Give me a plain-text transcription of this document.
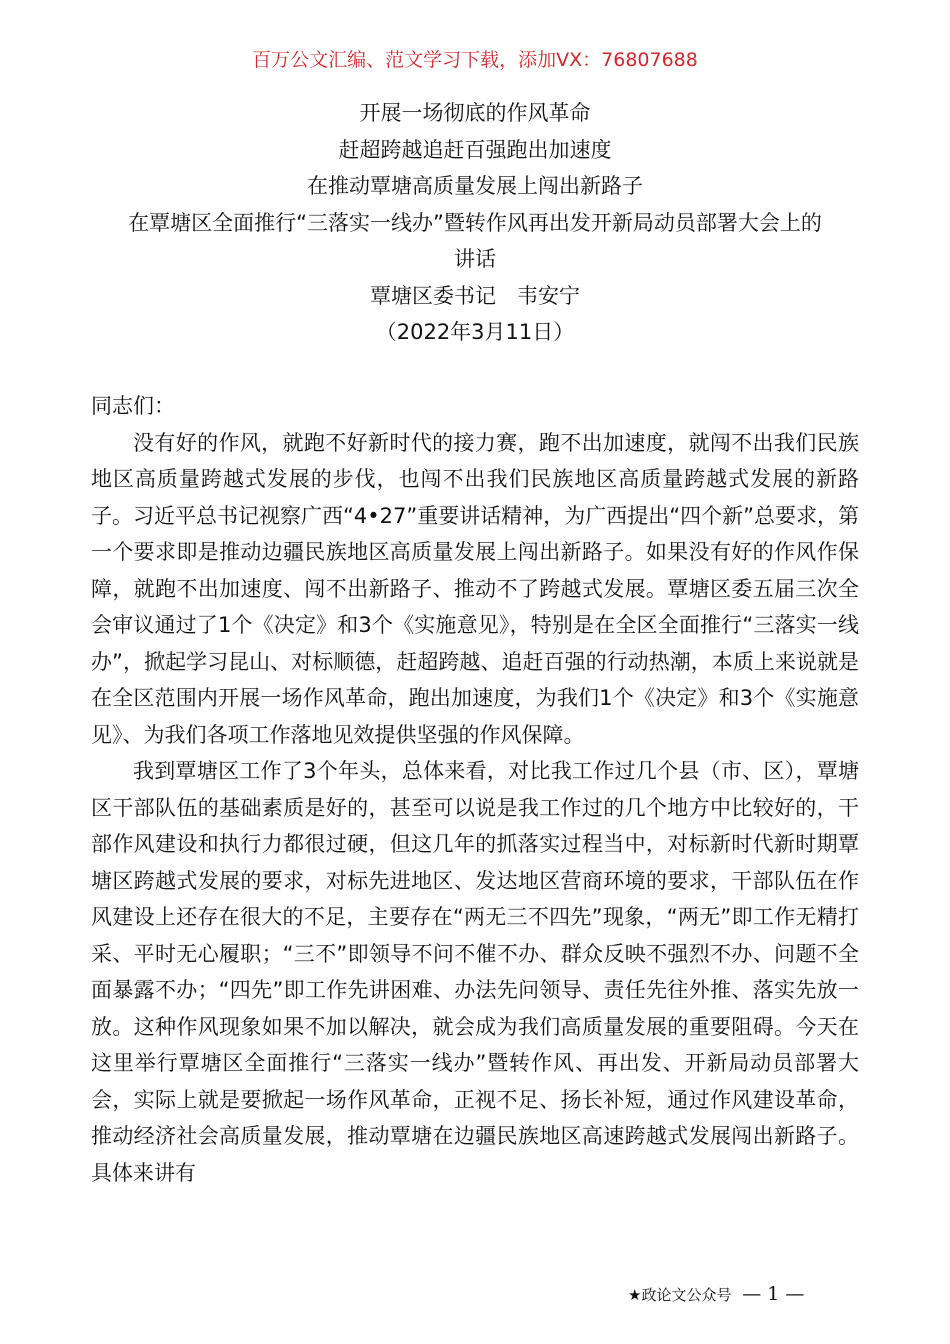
百万公文汇编、范文学习下载，添加VX：76807688
开展一场彻底的作风革命
赶超跨越追赶百强跑出加速度
在推动覃塘高质量发展上闯出新路子
在覃塘区全面推行“三落实一线办”暨转作风再出发开新局动员部署大会上的
讲话
覃塘区委书记　韦安宁
（2022年3月11日）

同志们：

没有好的作风，就跑不好新时代的接力赛，跑不出加速度，就闯不出我们民族地区高质量跨越式发展的步伐，也闯不出我们民族地区高质量跨越式发展的新路子。习近平总书记视察广西“4•27”重要讲话精神，为广西提出“四个新”总要求，第一个要求即是推动边疆民族地区高质量发展上闯出新路子。如果没有好的作风作保障，就跑不出加速度、闯不出新路子、推动不了跨越式发展。覃塘区委五届三次全会审议通过了1个《决定》和3个《实施意见》，特别是在全区全面推行“三落实一线办”，掀起学习昆山、对标顺德，赶超跨越、追赶百强的行动热潮，本质上来说就是在全区范围内开展一场作风革命，跑出加速度，为我们1个《决定》和3个《实施意见》、为我们各项工作落地见效提供坚强的作风保障。

我到覃塘区工作了3个年头，总体来看，对比我工作过几个县（市、区），覃塘区干部队伍的基础素质是好的，甚至可以说是我工作过的几个地方中比较好的，干部作风建设和执行力都很过硬，但这几年的抓落实过程当中，对标新时代新时期覃塘区跨越式发展的要求，对标先进地区、发达地区营商环境的要求，干部队伍在作风建设上还存在很大的不足，主要存在“两无三不四先”现象，“两无”即工作无精打采、平时无心履职；“三不”即领导不问不催不办、群众反映不强烈不办、问题不全面暴露不办；“四先”即工作先讲困难、办法先问领导、责任先往外推、落实先放一放。这种作风现象如果不加以解决，就会成为我们高质量发展的重要阻碍。今天在这里举行覃塘区全面推行“三落实一线办”暨转作风、再出发、开新局动员部署大会，实际上就是要掀起一场作风革命，正视不足、扬长补短，通过作风建设革命，推动经济社会高质量发展，推动覃塘在边疆民族地区高速跨越式发展闯出新路子。具体来讲有

★政论文公众号 — 1 —
